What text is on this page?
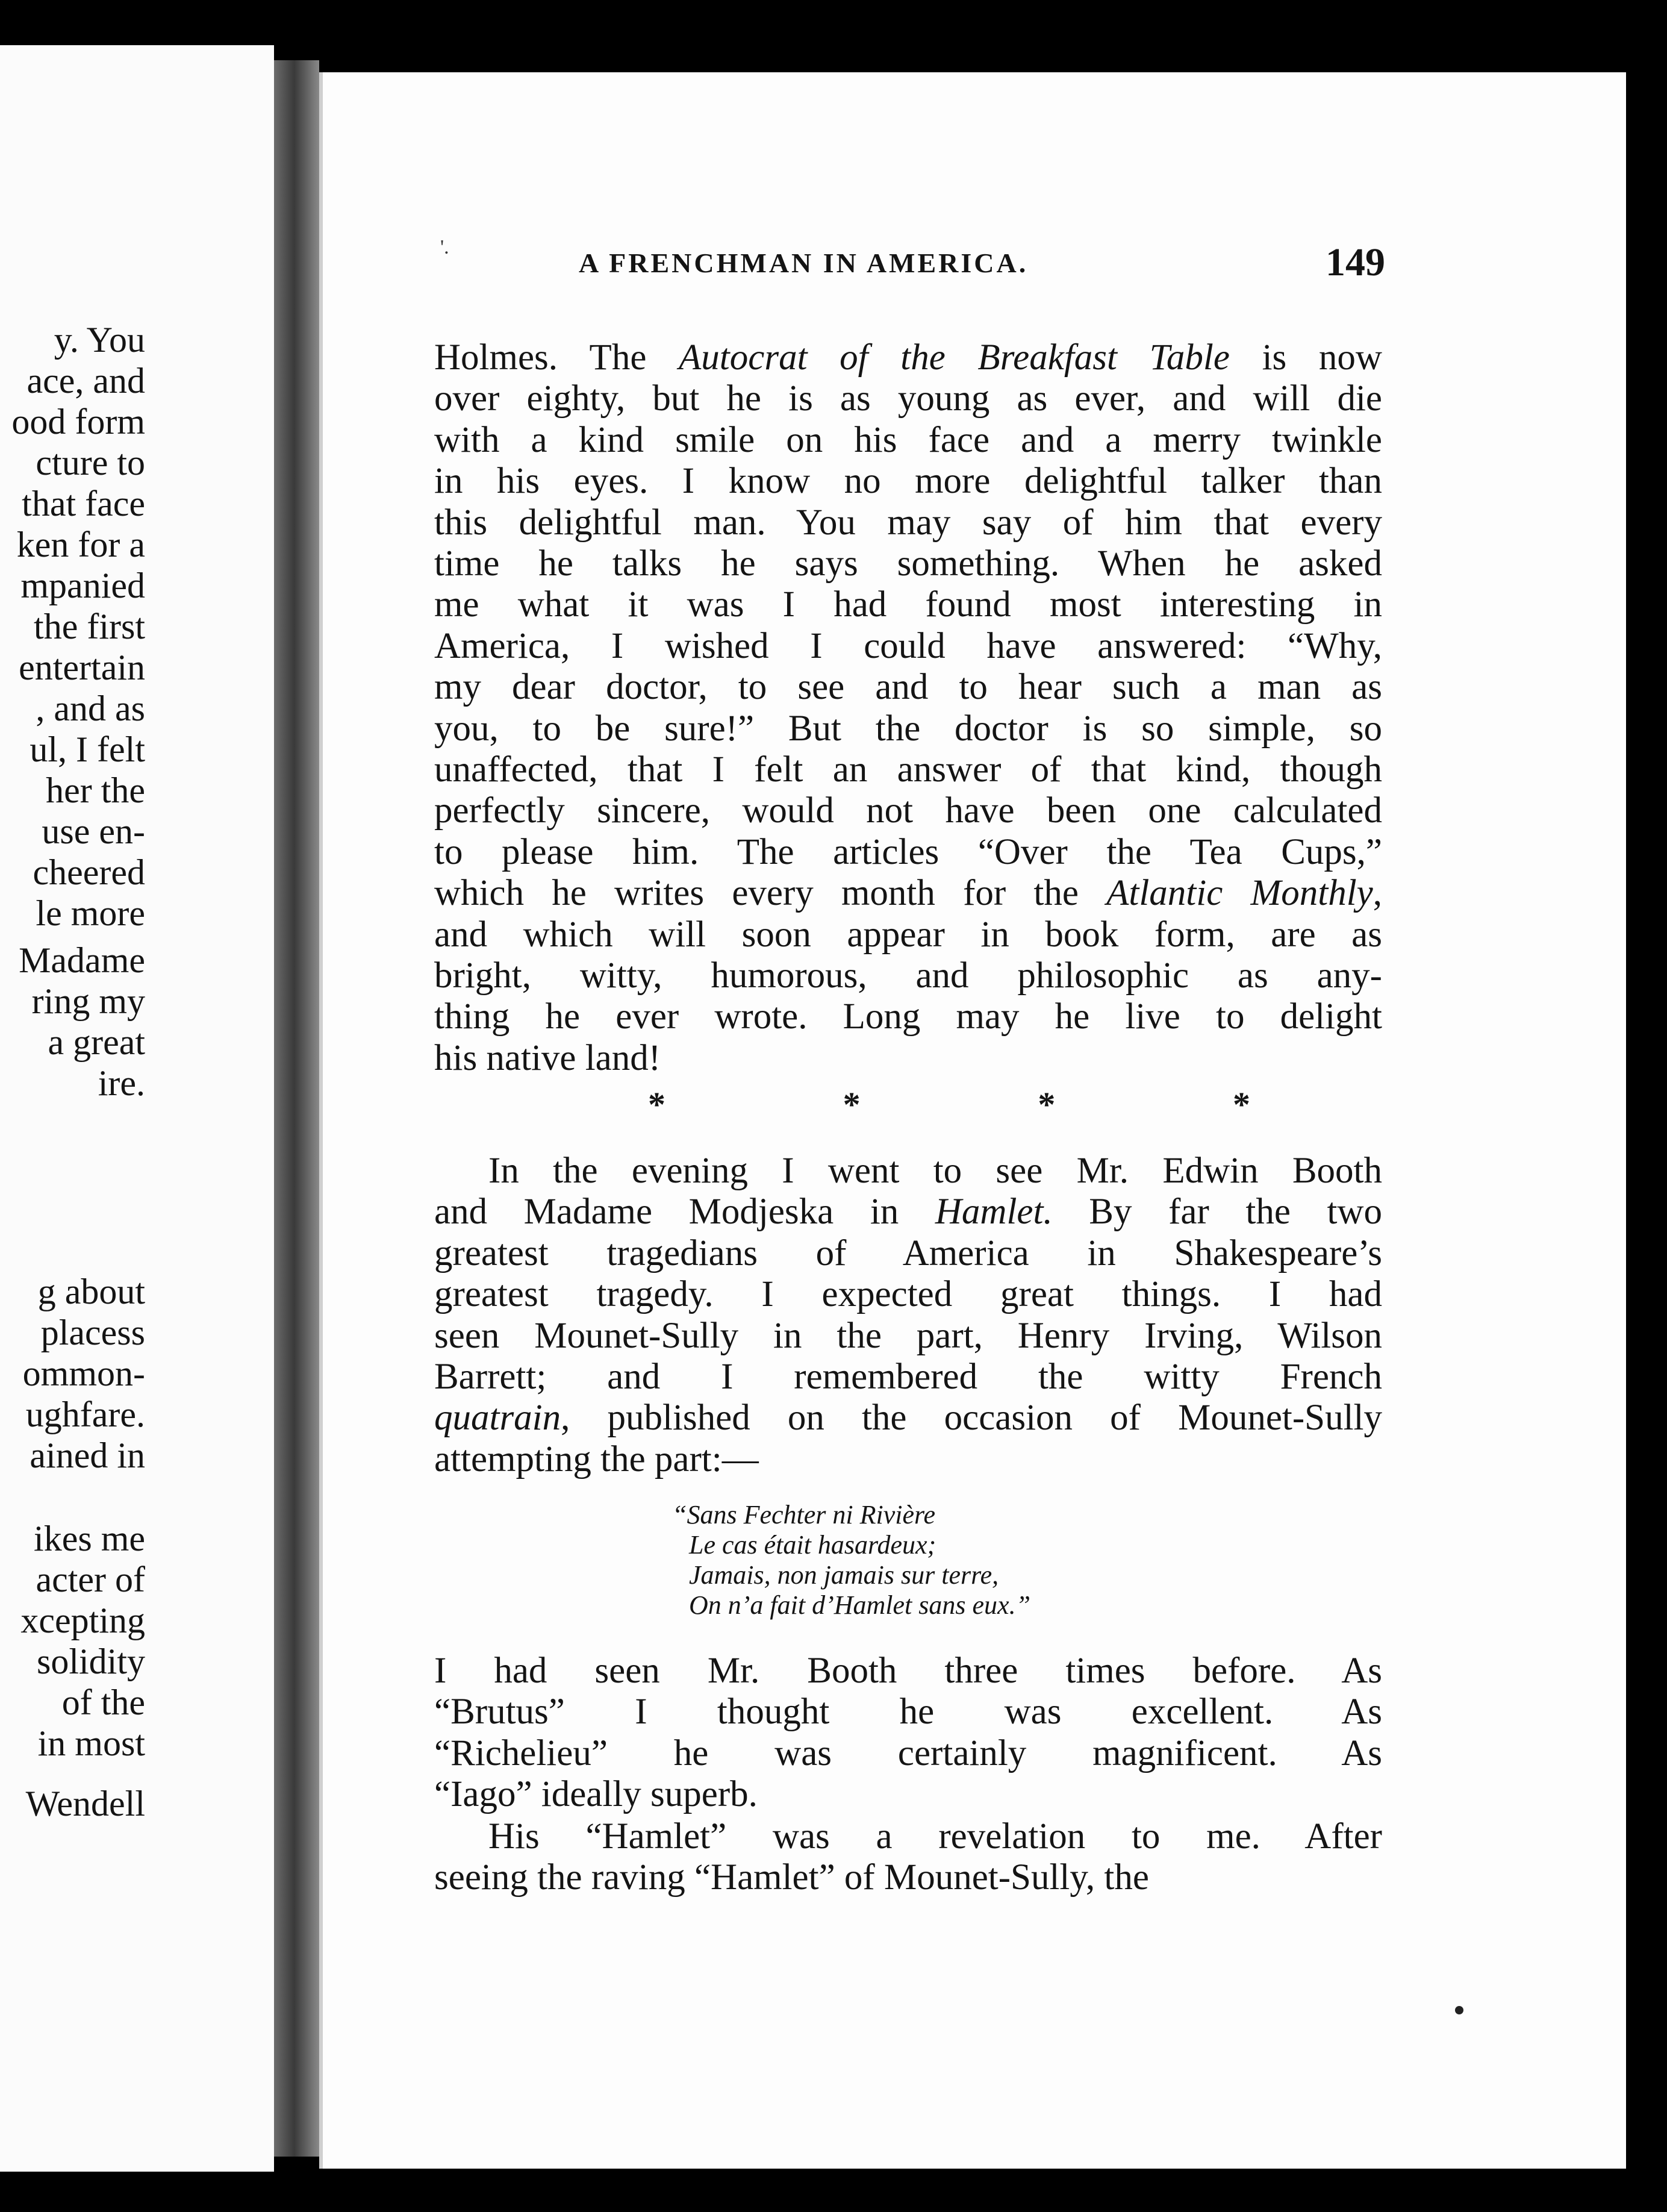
y. You
ace, and
ood form
cture to
that face
ken for a
mpanied
the first
entertain
, and as
ul, I felt
her the
use en-
cheered
le more
Madame
ring my
a great
ire.
g about
placess
ommon-
ughfare.
ained in
ikes me
acter of
xcepting
solidity
of the
in most
Wendell
'.
A FRENCHMAN IN AMERICA.	149
Holmes. The Autocrat of the Breakfast Table is now
over eighty, but he is as young as ever, and will die
with a kind smile on his face and a merry twinkle
in his eyes. I know no more delightful talker than
this delightful man. You may say of him that every
time he talks he says something. When he asked
me what it was I had found most interesting in
America, I wished I could have answered: “Why,
my dear doctor, to see and to hear such a man as
you, to be sure!” But the doctor is so simple, so
unaffected, that I felt an answer of that kind, though
perfectly sincere, would not have been one calculated
to please him. The articles “Over the Tea Cups,”
which he writes every month for the Atlantic Monthly,
and which will soon appear in book form, are as
bright, witty, humorous, and philosophic as any-
thing he ever wrote. Long may he live to delight
his native land!
In the evening I went to see Mr. Edwin Booth
and Madame Modjeska in Hamlet. By far the two
greatest tragedians of America in Shakespeare’s
greatest tragedy. I expected great things. I had
seen Mounet-Sully in the part, Henry Irving, Wilson
Barrett; and I remembered the witty French
quatrain, published on the occasion of Mounet-Sully
attempting the part:—
I had seen Mr. Booth three times before. As
“Brutus” I thought he was excellent. As
“Richelieu” he was certainly magnificent. As
“Iago” ideally superb.
His “Hamlet” was a revelation to me. After
seeing the raving “Hamlet” of Mounet-Sully, the
*	*	*	*
“Sans Fechter ni Rivière
Le cas était hasardeux;
Jamais, non jamais sur terre,
On n’a fait d’Hamlet sans eux.”
